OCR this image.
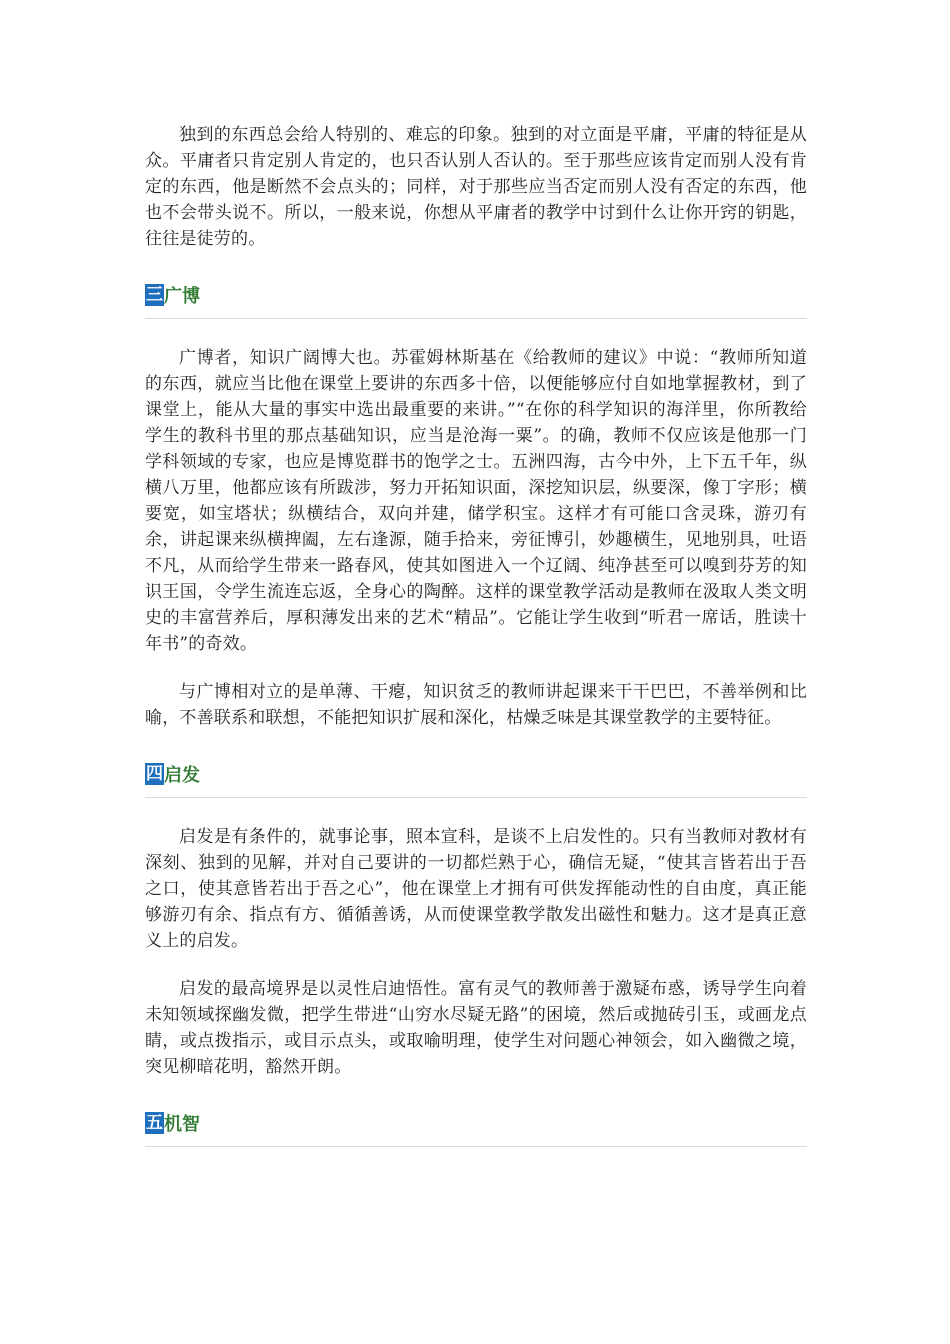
独到的东西总会给人特别的、难忘的印象。独到的对立面是平庸，平庸的特征是从众。平庸者只肯定别人肯定的，也只否认别人否认的。至于那些应该肯定而别人没有肯定的东西，他是断然不会点头的；同样，对于那些应当否定而别人没有否定的东西，他也不会带头说不。所以，一般来说，你想从平庸者的教学中讨到什么让你开窍的钥匙，往往是徒劳的。

三 广博

广博者，知识广阔博大也。苏霍姆林斯基在《给教师的建议》中说：“教师所知道的东西，就应当比他在课堂上要讲的东西多十倍，以便能够应付自如地掌握教材，到了课堂上，能从大量的事实中选出最重要的来讲。”“在你的科学知识的海洋里，你所教给学生的教科书里的那点基础知识，应当是沧海一粟”。的确，教师不仅应该是他那一门学科领域的专家，也应是博览群书的饱学之士。五洲四海，古今中外，上下五千年，纵横八万里，他都应该有所跋涉，努力开拓知识面，深挖知识层，纵要深，像丁字形；横要宽，如宝塔状；纵横结合，双向并建，储学积宝。这样才有可能口含灵珠，游刃有余，讲起课来纵横捭阖，左右逢源，随手拾来，旁征博引，妙趣横生，见地别具，吐语不凡，从而给学生带来一路春风，使其如图进入一个辽阔、纯净甚至可以嗅到芬芳的知识王国，令学生流连忘返，全身心的陶醉。这样的课堂教学活动是教师在汲取人类文明史的丰富营养后，厚积薄发出来的艺术“精品”。它能让学生收到“听君一席话，胜读十年书”的奇效。

与广博相对立的是单薄、干瘪，知识贫乏的教师讲起课来干干巴巴，不善举例和比喻，不善联系和联想，不能把知识扩展和深化，枯燥乏味是其课堂教学的主要特征。

四 启发

启发是有条件的，就事论事，照本宣科，是谈不上启发性的。只有当教师对教材有深刻、独到的见解，并对自己要讲的一切都烂熟于心，确信无疑，“使其言皆若出于吾之口，使其意皆若出于吾之心”，他在课堂上才拥有可供发挥能动性的自由度，真正能够游刃有余、指点有方、循循善诱，从而使课堂教学散发出磁性和魅力。这才是真正意义上的启发。

启发的最高境界是以灵性启迪悟性。富有灵气的教师善于激疑布惑，诱导学生向着未知领域探幽发微，把学生带进“山穷水尽疑无路”的困境，然后或抛砖引玉，或画龙点睛，或点拨指示，或目示点头，或取喻明理，使学生对问题心神领会，如入幽微之境，突见柳暗花明，豁然开朗。

五 机智
